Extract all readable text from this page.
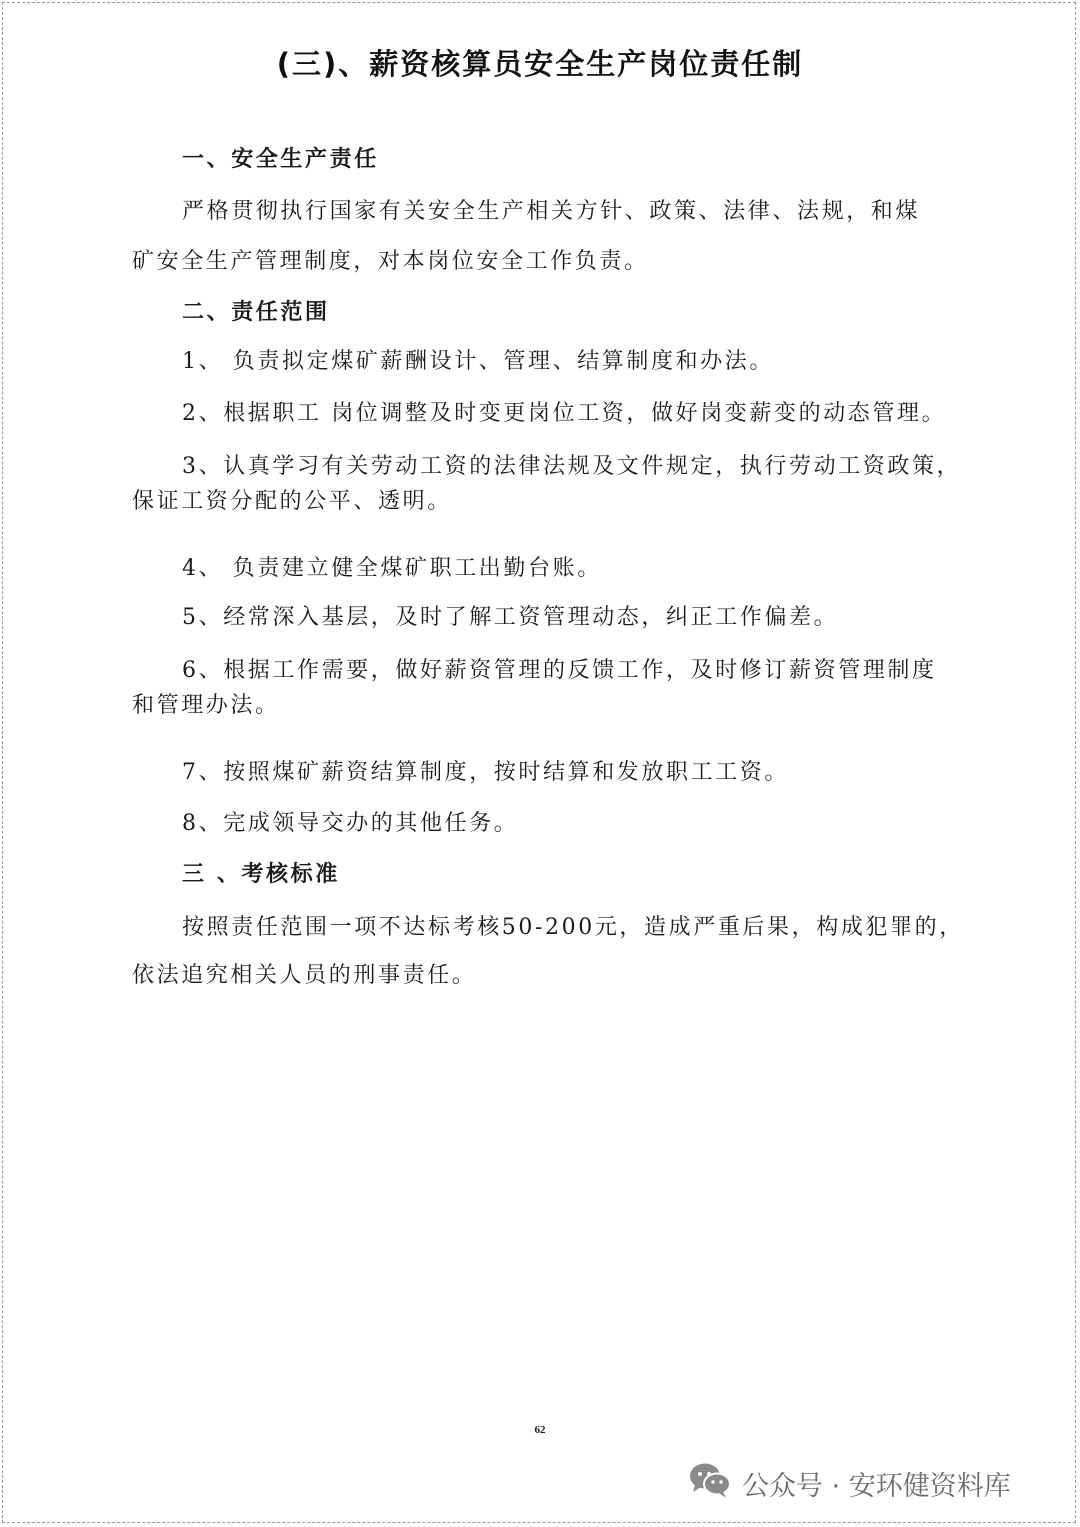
(三)、薪资核算员安全生产岗位责任制
一、安全生产责任
严格贯彻执行国家有关安全生产相关方针、政策、法律、法规，和煤
矿安全生产管理制度，对本岗位安全工作负责。
二、责任范围
1、 负责拟定煤矿薪酬设计、管理、结算制度和办法。
2、根据职工 岗位调整及时变更岗位工资，做好岗变薪变的动态管理。
3、认真学习有关劳动工资的法律法规及文件规定，执行劳动工资政策，
保证工资分配的公平、透明。
4、 负责建立健全煤矿职工出勤台账。
5、经常深入基层，及时了解工资管理动态，纠正工作偏差。
6、根据工作需要，做好薪资管理的反馈工作，及时修订薪资管理制度
和管理办法。
7、按照煤矿薪资结算制度，按时结算和发放职工工资。
8、完成领导交办的其他任务。
三 、考核标准
按照责任范围一项不达标考核50-200元，造成严重后果，构成犯罪的，
依法追究相关人员的刑事责任。
62
公众号 · 安环健资料库
